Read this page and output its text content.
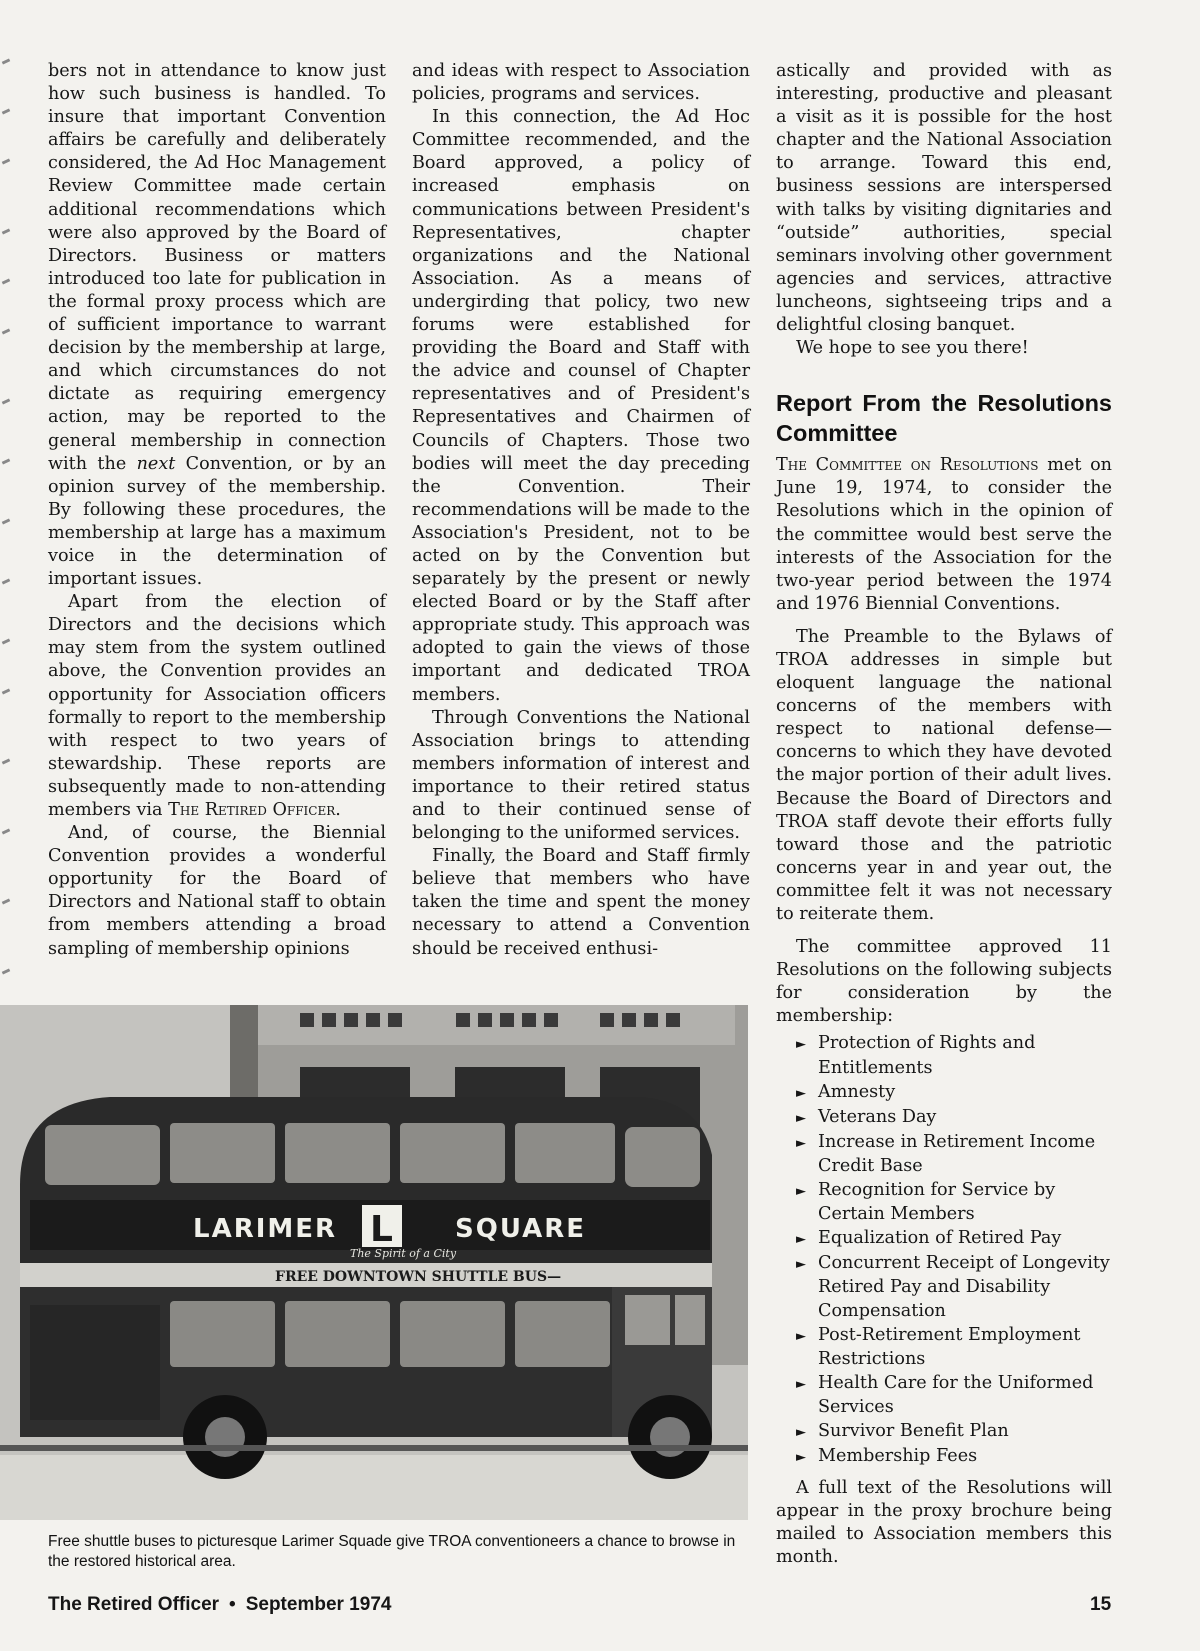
bers not in attendance to know just how such business is handled. To insure that important Convention affairs be carefully and deliberately considered, the Ad Hoc Management Review Committee made certain additional recommendations which were also approved by the Board of Directors. Business or matters introduced too late for publication in the formal proxy process which are of sufficient importance to warrant decision by the membership at large, and which circumstances do not dictate as requiring emergency action, may be reported to the general membership in connection with the next Convention, or by an opinion survey of the membership. By following these procedures, the membership at large has a maximum voice in the determination of important issues.

Apart from the election of Directors and the decisions which may stem from the system outlined above, the Convention provides an opportunity for Association officers formally to report to the membership with respect to two years of stewardship. These reports are subsequently made to non-attending members via The Retired Officer.

And, of course, the Biennial Convention provides a wonderful opportunity for the Board of Directors and National staff to obtain from members attending a broad sampling of membership opinions

and ideas with respect to Association policies, programs and services.

In this connection, the Ad Hoc Committee recommended, and the Board approved, a policy of increased emphasis on communications between President's Representatives, chapter organizations and the National Association. As a means of undergirding that policy, two new forums were established for providing the Board and Staff with the advice and counsel of Chapter representatives and of President's Representatives and Chairmen of Councils of Chapters. Those two bodies will meet the day preceding the Convention. Their recommendations will be made to the Association's President, not to be acted on by the Convention but separately by the present or newly elected Board or by the Staff after appropriate study. This approach was adopted to gain the views of those important and dedicated TROA members.

Through Conventions the National Association brings to attending members information of interest and importance to their retired status and to their continued sense of belonging to the uniformed services.

Finally, the Board and Staff firmly believe that members who have taken the time and spent the money necessary to attend a Convention should be received enthusi-

astically and provided with as interesting, productive and pleasant a visit as it is possible for the host chapter and the National Association to arrange. Toward this end, business sessions are interspersed with talks by visiting dignitaries and “outside” authorities, special seminars involving other government agencies and services, attractive luncheons, sightseeing trips and a delightful closing banquet.

We hope to see you there!

Report From the Resolutions Committee

The Committee on Resolutions met on June 19, 1974, to consider the Resolutions which in the opinion of the committee would best serve the interests of the Association for the two-year period between the 1974 and 1976 Biennial Conventions.

The Preamble to the Bylaws of TROA addresses in simple but eloquent language the national concerns of the members with respect to national defense—concerns to which they have devoted the major portion of their adult lives. Because the Board of Directors and TROA staff devote their efforts fully toward those and the patriotic concerns year in and year out, the committee felt it was not necessary to reiterate them.

The committee approved 11 Resolutions on the following subjects for consideration by the membership:

► Protection of Rights and Entitlements
► Amnesty
► Veterans Day
► Increase in Retirement Income Credit Base
► Recognition for Service by Certain Members
► Equalization of Retired Pay
► Concurrent Receipt of Longevity Retired Pay and Disability Compensation
► Post-Retirement Employment Restrictions
► Health Care for the Uniformed Services
► Survivor Benefit Plan
► Membership Fees

A full text of the Resolutions will appear in the proxy brochure being mailed to Association members this month.

LARIMER L SQUARE
The Spirit of a City
FREE DOWNTOWN SHUTTLE BUS—
Free shuttle buses to picturesque Larimer Squade give TROA conventioneers a chance to browse in the restored historical area.
The Retired Officer • September 1974	15
